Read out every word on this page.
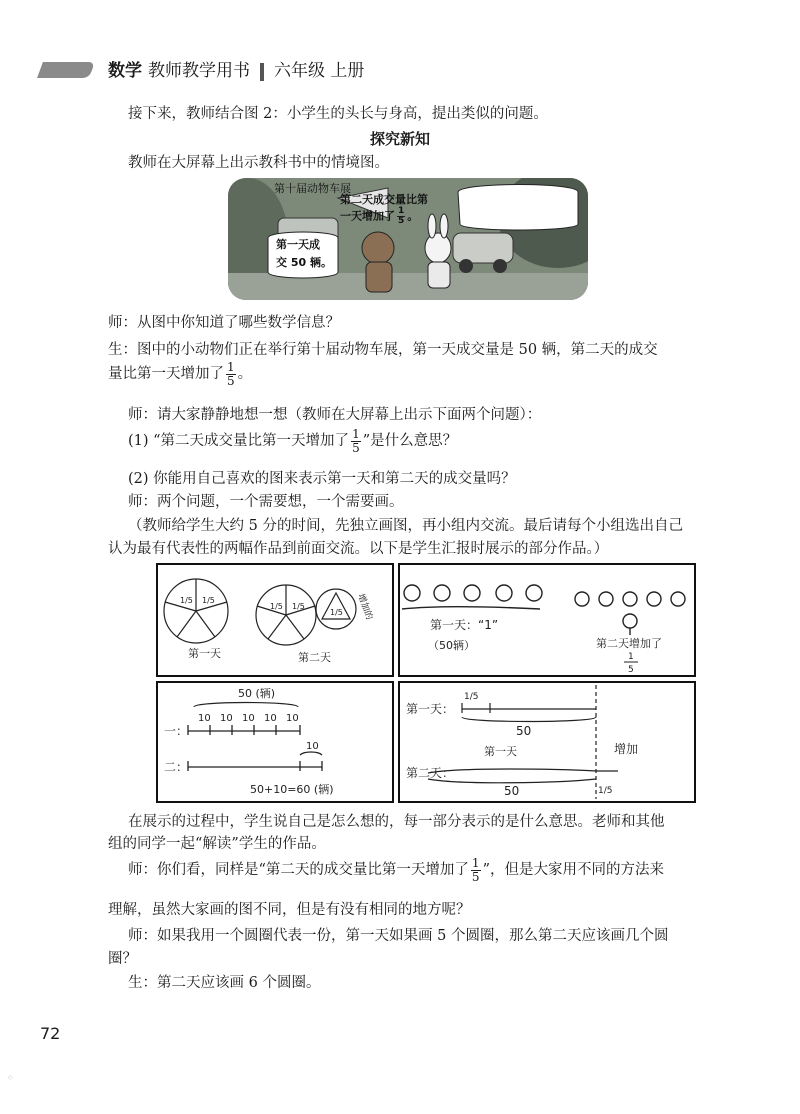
数学 教师教学用书 六年级 上册
接下来，教师结合图 2：小学生的头长与身高，提出类似的问题。
探究新知
教师在大屏幕上出示教科书中的情境图。
第十届动物车展
第二天成交量比第
一天增加了 $\frac{1}{5}$ 。
第一天成
交 50 辆。
师：从图中你知道了哪些数学信息？
生：图中的小动物们正在举行第十届动物车展，第一天成交量是 50 辆，第二天的成交
量比第一天增加了 $\frac{1}{5}$ 。
师：请大家静静地想一想（教师在大屏幕上出示下面两个问题）：
(1) “第二天成交量比第一天增加了 $\frac{1}{5}$ ”是什么意思？
(2) 你能用自己喜欢的图来表示第一天和第二天的成交量吗？
师：两个问题，一个需要想，一个需要画。
（教师给学生大约 5 分的时间，先独立画图，再小组内交流。最后请每个小组选出自己
认为最有代表性的两幅作品到前面交流。以下是学生汇报时展示的部分作品。）
1/5 1/5
1/5 1/5
1/5
第一天	第二天
增加的
第一天：“1”
（50辆）	第二天增加了
1
5
50 (辆)
10 10 10 10 10
一：
二：
10
50+10=60 (辆)
第一天：
1/5
50
第一天	增加
第二天：
50	1/5
在展示的过程中，学生说自己是怎么想的，每一部分表示的是什么意思。老师和其他
组的同学一起“解读”学生的作品。
师：你们看，同样是“第二天的成交量比第一天增加了 $\frac{1}{5}$ ”，但是大家用不同的方法来
理解，虽然大家画的图不同，但是有没有相同的地方呢？
师：如果我用一个圆圈代表一份，第一天如果画 5 个圆圈，那么第二天应该画几个圆
圈？
生：第二天应该画 6 个圆圈。
72
◇
